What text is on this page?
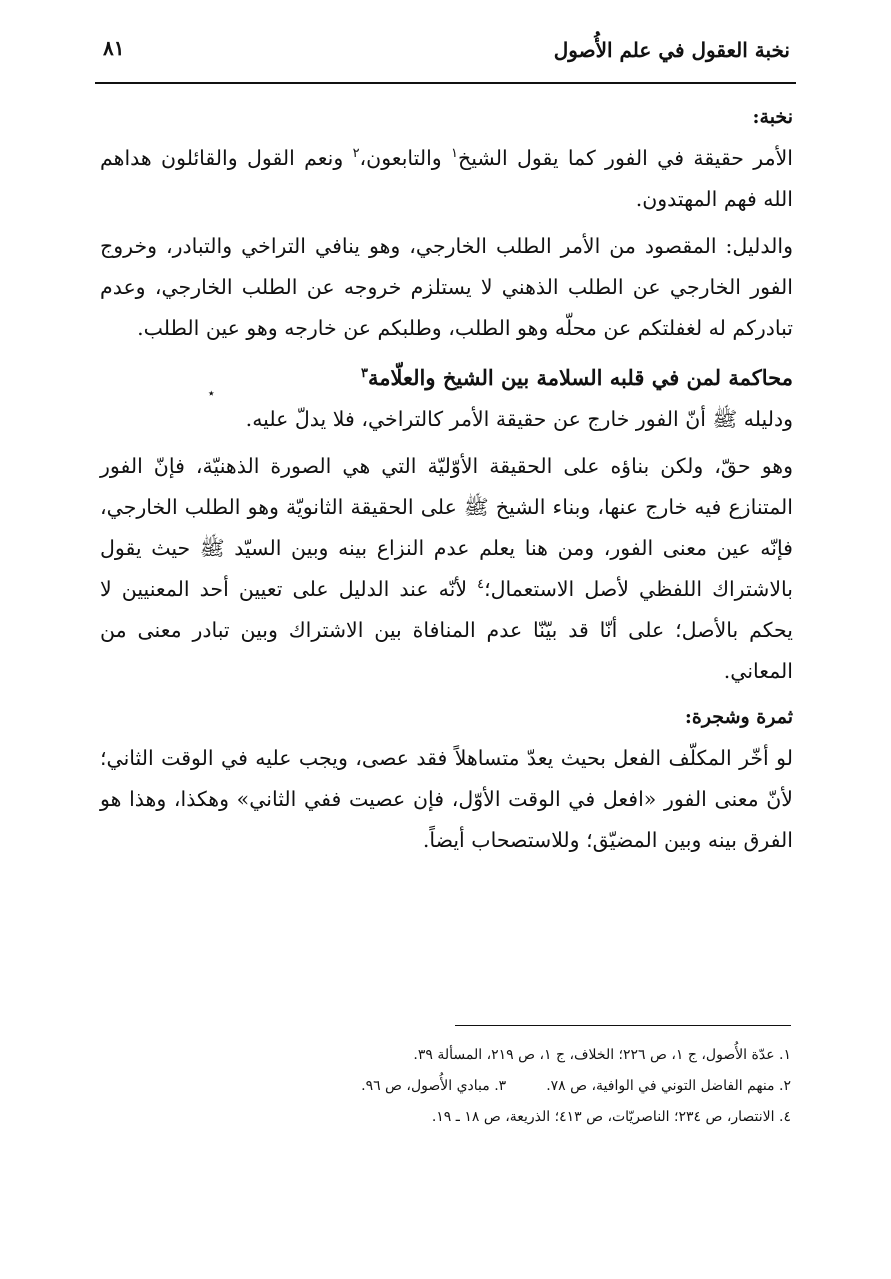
نخبة العقول في علم الأُصول
٨١
نخبة:

الأمر حقيقة في الفور كما يقول الشيخ$^١$ والتابعون،$^٢$ ونعم القول والقائلون هداهم الله فهم المهتدون.

والدليل: المقصود من الأمر الطلب الخارجي، وهو ينافي التراخي والتبادر، وخروج الفور الخارجي عن الطلب الذهني لا يستلزم خروجه عن الطلب الخارجي، وعدم تبادركم له لغفلتكم عن محلّه وهو الطلب، وطلبكم عن خارجه وهو عين الطلب.

محاكمة لمن في قلبه السلامة بين الشيخ والعلّامة$^٣$

ودليله ﷺ أنّ الفور خارج عن حقيقة الأمر كالتراخي، فلا يدلّ عليه.

وهو حقّ، ولكن بناؤه على الحقيقة الأوّليّة التي هي الصورة الذهنيّة، فإنّ الفور المتنازع فيه خارج عنها، وبناء الشيخ ﷺ على الحقيقة الثانويّة وهو الطلب الخارجي، فإنّه عين معنى الفور، ومن هنا يعلم عدم النزاع بينه وبين السيّد ﷺ حيث يقول بالاشتراك اللفظي لأصل الاستعمال؛$^٤$ لأنّه عند الدليل على تعيين أحد المعنيين لا يحكم بالأصل؛ على أنّا قد بيّنّا عدم المنافاة بين الاشتراك وبين تبادر معنى من المعاني.

ثمرة وشجرة:

لو أخّر المكلّف الفعل بحيث يعدّ متساهلاً فقد عصى، ويجب عليه في الوقت الثاني؛ لأنّ معنى الفور «افعل في الوقت الأوّل، فإن عصيت ففي الثاني» وهكذا، وهذا هو الفرق بينه وبين المضيّق؛ وللاستصحاب أيضاً.

٭
١. عدّة الأُصول، ج ١، ص ٢٢٦؛ الخلاف، ج ١، ص ٢١٩، المسألة ٣٩.
٢. منهم الفاضل التوني في الوافية، ص ٧٨.٣. مبادي الأُصول، ص ٩٦.
٤. الانتصار، ص ٢٣٤؛ الناصريّات، ص ٤١٣؛ الذريعة، ص ١٨ ـ ١٩.
